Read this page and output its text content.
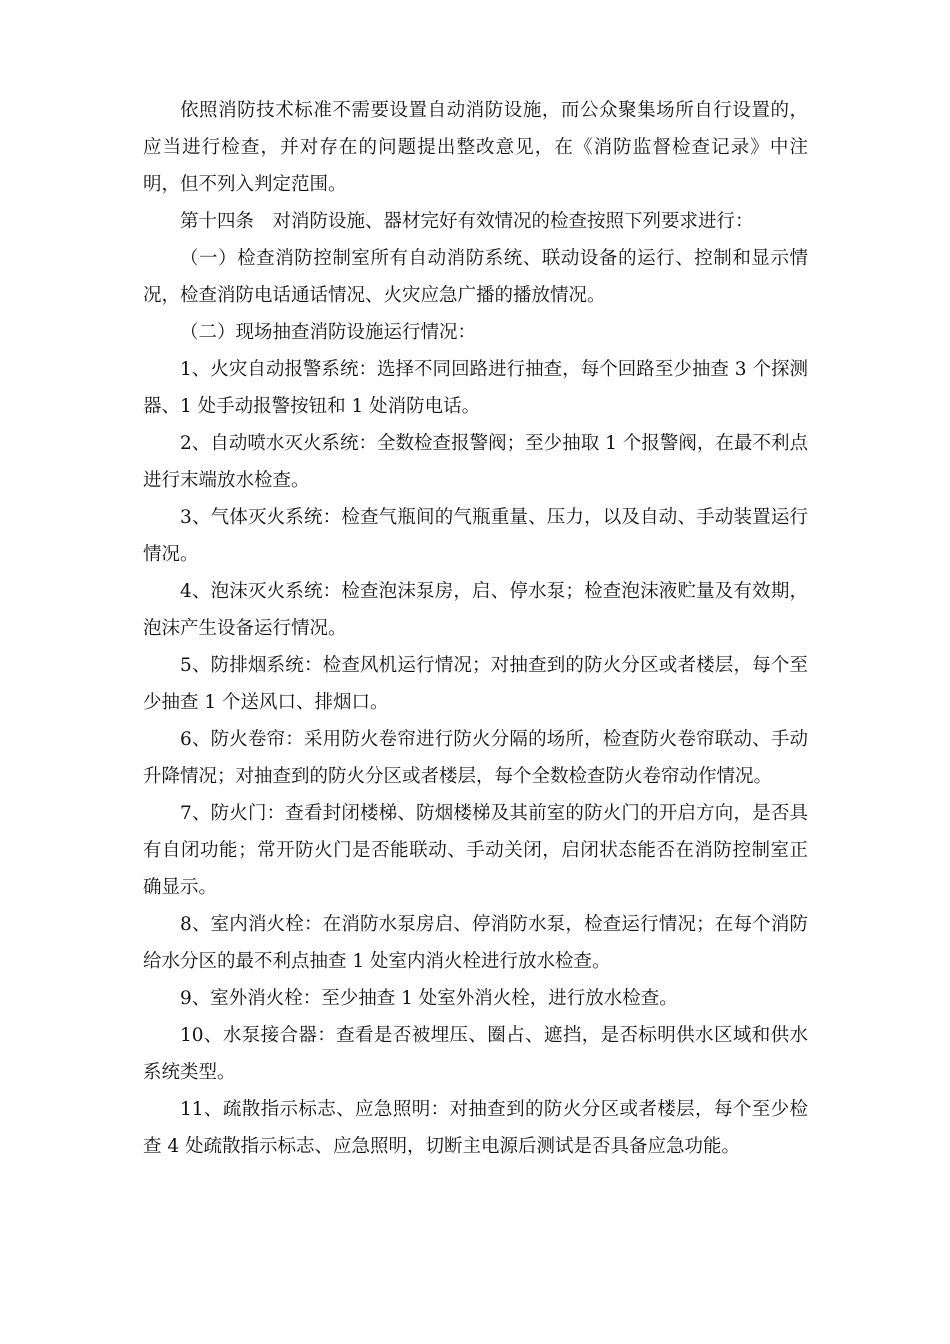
依照消防技术标准不需要设置自动消防设施，而公众聚集场所自行设置的，应当进行检查，并对存在的问题提出整改意见，在《消防监督检查记录》中注明，但不列入判定范围。

第十四条　对消防设施、器材完好有效情况的检查按照下列要求进行：

（一）检查消防控制室所有自动消防系统、联动设备的运行、控制和显示情况，检查消防电话通话情况、火灾应急广播的播放情况。

（二）现场抽查消防设施运行情况：

1、火灾自动报警系统：选择不同回路进行抽查，每个回路至少抽查 3 个探测器、1 处手动报警按钮和 1 处消防电话。

2、自动喷水灭火系统：全数检查报警阀；至少抽取 1 个报警阀，在最不利点进行末端放水检查。

3、气体灭火系统：检查气瓶间的气瓶重量、压力，以及自动、手动装置运行情况。

4、泡沫灭火系统：检查泡沫泵房，启、停水泵；检查泡沫液贮量及有效期，泡沫产生设备运行情况。

5、防排烟系统：检查风机运行情况；对抽查到的防火分区或者楼层，每个至少抽查 1 个送风口、排烟口。

6、防火卷帘：采用防火卷帘进行防火分隔的场所，检查防火卷帘联动、手动升降情况；对抽查到的防火分区或者楼层，每个全数检查防火卷帘动作情况。

7、防火门：查看封闭楼梯、防烟楼梯及其前室的防火门的开启方向，是否具有自闭功能；常开防火门是否能联动、手动关闭，启闭状态能否在消防控制室正确显示。

8、室内消火栓：在消防水泵房启、停消防水泵，检查运行情况；在每个消防给水分区的最不利点抽查 1 处室内消火栓进行放水检查。

9、室外消火栓：至少抽查 1 处室外消火栓，进行放水检查。

10、水泵接合器：查看是否被埋压、圈占、遮挡，是否标明供水区域和供水系统类型。

11、疏散指示标志、应急照明：对抽查到的防火分区或者楼层，每个至少检查 4 处疏散指示标志、应急照明，切断主电源后测试是否具备应急功能。
